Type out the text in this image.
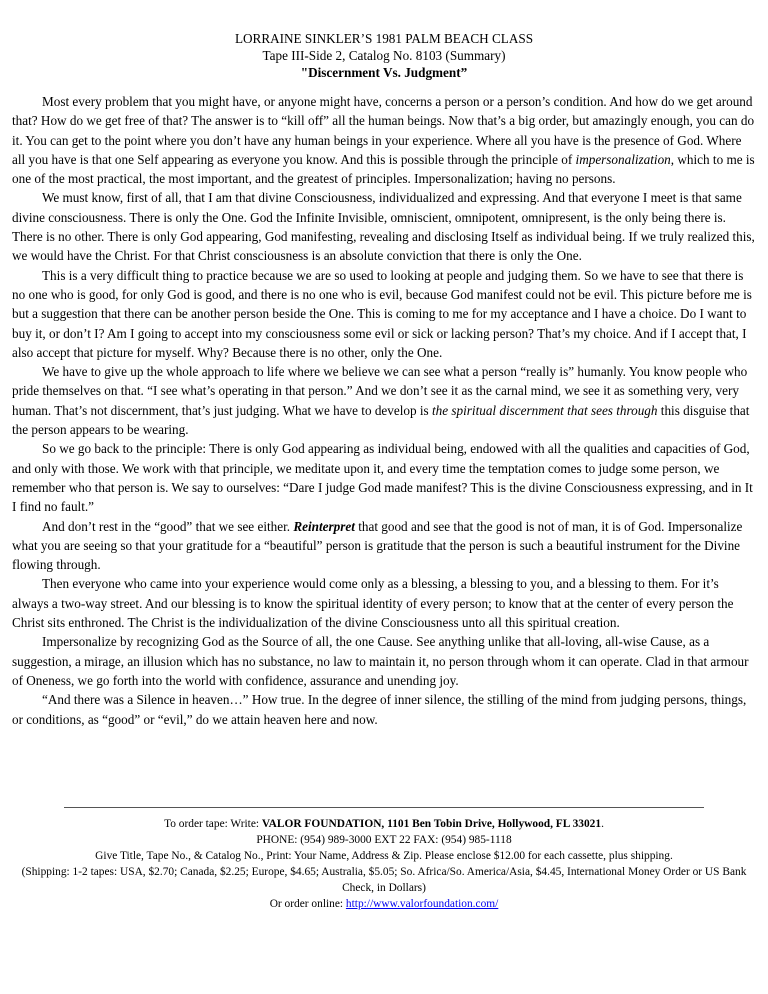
LORRAINE SINKLER’S 1981 PALM BEACH CLASS
Tape III-Side 2, Catalog No. 8103 (Summary)
"Discernment Vs. Judgment”

Most every problem that you might have, or anyone might have, concerns a person or a person’s condition. And how do we get around that? How do we get free of that? The answer is to “kill off” all the human beings. Now that’s a big order, but amazingly enough, you can do it. You can get to the point where you don’t have any human beings in your experience. Where all you have is the presence of God. Where all you have is that one Self appearing as everyone you know. And this is possible through the principle of impersonalization, which to me is one of the most practical, the most important, and the greatest of principles. Impersonalization; having no persons.

We must know, first of all, that I am that divine Consciousness, individualized and expressing. And that everyone I meet is that same divine consciousness. There is only the One. God the Infinite Invisible, omniscient, omnipotent, omnipresent, is the only being there is. There is no other. There is only God appearing, God manifesting, revealing and disclosing Itself as individual being. If we truly realized this, we would have the Christ. For that Christ consciousness is an absolute conviction that there is only the One.

This is a very difficult thing to practice because we are so used to looking at people and judging them. So we have to see that there is no one who is good, for only God is good, and there is no one who is evil, because God manifest could not be evil. This picture before me is but a suggestion that there can be another person beside the One. This is coming to me for my acceptance and I have a choice. Do I want to buy it, or don’t I? Am I going to accept into my consciousness some evil or sick or lacking person? That’s my choice. And if I accept that, I also accept that picture for myself. Why? Because there is no other, only the One.

We have to give up the whole approach to life where we believe we can see what a person “really is” humanly. You know people who pride themselves on that. “I see what’s operating in that person.” And we don’t see it as the carnal mind, we see it as something very, very human. That’s not discernment, that’s just judging. What we have to develop is the spiritual discernment that sees through this disguise that the person appears to be wearing.

So we go back to the principle: There is only God appearing as individual being, endowed with all the qualities and capacities of God, and only with those. We work with that principle, we meditate upon it, and every time the temptation comes to judge some person, we remember who that person is. We say to ourselves: “Dare I judge God made manifest? This is the divine Consciousness expressing, and in It I find no fault.”

And don’t rest in the “good” that we see either. Reinterpret that good and see that the good is not of man, it is of God. Impersonalize what you are seeing so that your gratitude for a “beautiful” person is gratitude that the person is such a beautiful instrument for the Divine flowing through.

Then everyone who came into your experience would come only as a blessing, a blessing to you, and a blessing to them. For it’s always a two-way street. And our blessing is to know the spiritual identity of every person; to know that at the center of every person the Christ sits enthroned. The Christ is the individualization of the divine Consciousness unto all this spiritual creation.

Impersonalize by recognizing God as the Source of all, the one Cause. See anything unlike that all-loving, all-wise Cause, as a suggestion, a mirage, an illusion which has no substance, no law to maintain it, no person through whom it can operate. Clad in that armour of Oneness, we go forth into the world with confidence, assurance and unending joy.

“And there was a Silence in heaven…” How true. In the degree of inner silence, the stilling of the mind from judging persons, things, or conditions, as “good” or “evil,” do we attain heaven here and now.

To order tape: Write: VALOR FOUNDATION, 1101 Ben Tobin Drive, Hollywood, FL 33021.
PHONE: (954) 989-3000 EXT 22 FAX: (954) 985-1118
Give Title, Tape No., & Catalog No., Print: Your Name, Address & Zip. Please enclose $12.00 for each cassette, plus shipping.
(Shipping: 1-2 tapes: USA, $2.70; Canada, $2.25; Europe, $4.65; Australia, $5.05; So. Africa/So. America/Asia, $4.45, International Money Order or US Bank Check, in Dollars)
Or order online: http://www.valorfoundation.com/
